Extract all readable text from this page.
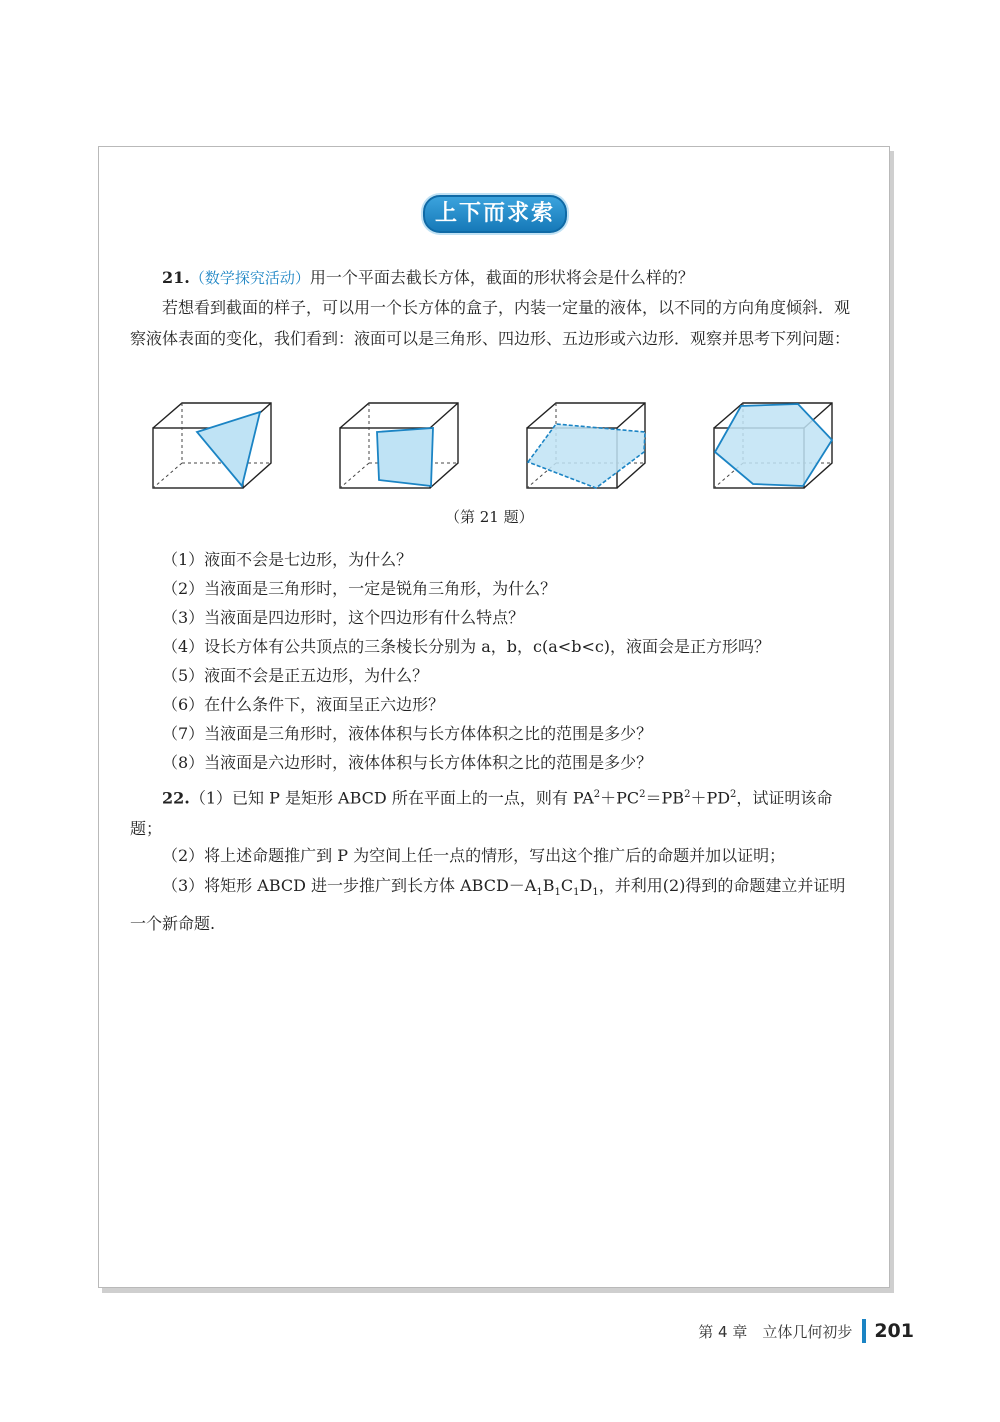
上下而求索

21.（数学探究活动）用一个平面去截长方体，截面的形状将会是什么样的？

若想看到截面的样子，可以用一个长方体的盒子，内装一定量的液体，以不同的方向角度倾斜．观察液体表面的变化，我们看到：液面可以是三角形、四边形、五边形或六边形．观察并思考下列问题：

（第 21 题）

（1）液面不会是七边形，为什么？

（2）当液面是三角形时，一定是锐角三角形，为什么？

（3）当液面是四边形时，这个四边形有什么特点？

（4）设长方体有公共顶点的三条棱长分别为 a，b，c(a<b<c)，液面会是正方形吗？

（5）液面不会是正五边形，为什么？

（6）在什么条件下，液面呈正六边形？

（7）当液面是三角形时，液体体积与长方体体积之比的范围是多少？

（8）当液面是六边形时，液体体积与长方体体积之比的范围是多少？

22.（1）已知 P 是矩形 ABCD 所在平面上的一点，则有 $PA^2+PC^2=PB^2+PD^2$，试证明该命题；

（2）将上述命题推广到 P 为空间上任一点的情形，写出这个推广后的命题并加以证明；

（3）将矩形 ABCD 进一步推广到长方体 $ABCD-A_1B_1C_1D_1$，并利用(2)得到的命题建立并证明一个新命题.

第 4 章　立体几何初步 201
